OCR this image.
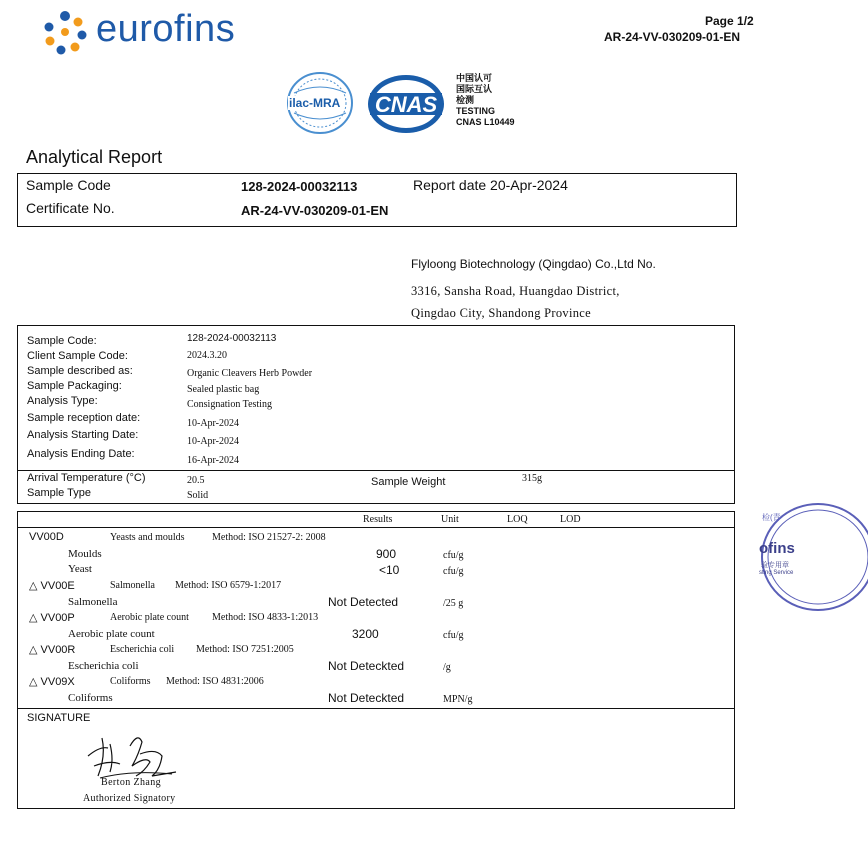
eurofins	Page 1/2
AR-24-VV-030209-01-EN
ilac-MRA	CNAS
中国认可
国际互认
检测
TESTING
CNAS L10449
Analytical Report
Sample Code	128-2024-00032113	Report date 20-Apr-2024
Certificate No.	AR-24-VV-030209-01-EN
Flyloong Biotechnology (Qingdao) Co.,Ltd No.
3316, Sansha Road, Huangdao District,
Qingdao City, Shandong Province
Sample Code:	128-2024-00032113
Client Sample Code:	2024.3.20
Sample described as:	Organic Cleavers Herb Powder
Sample Packaging:	Sealed plastic bag
Analysis Type:	Consignation Testing
Sample reception date:	10-Apr-2024
Analysis Starting Date:
10-Apr-2024
Analysis Ending Date:
16-Apr-2024
Arrival Temperature (°C)	20.5	Sample Weight	315g
Sample Type	Solid
Results	Unit	LOQ	LOD
VV00D	Yeasts and moulds	Method: ISO 21527-2: 2008
Moulds	900	cfu/g
Yeast	<10	cfu/g
△ VV00E	Salmonella Method: ISO 6579-1:2017
Salmonella	Not Detected	/25 g
△ VV00P	Aerobic plate count Method: ISO 4833-1:2013
Aerobic plate count	3200	cfu/g
△ VV00R	Escherichia coli Method: ISO 7251:2005
Escherichia coli	Not Deteckted	/g
△ VV09X	Coliforms Method: ISO 4831:2006
Coliforms	Not Deteckted	MPN/g
SIGNATURE
Berton Zhang
Authorized Signatory
检(青
ofins
验专用章
sting Service
